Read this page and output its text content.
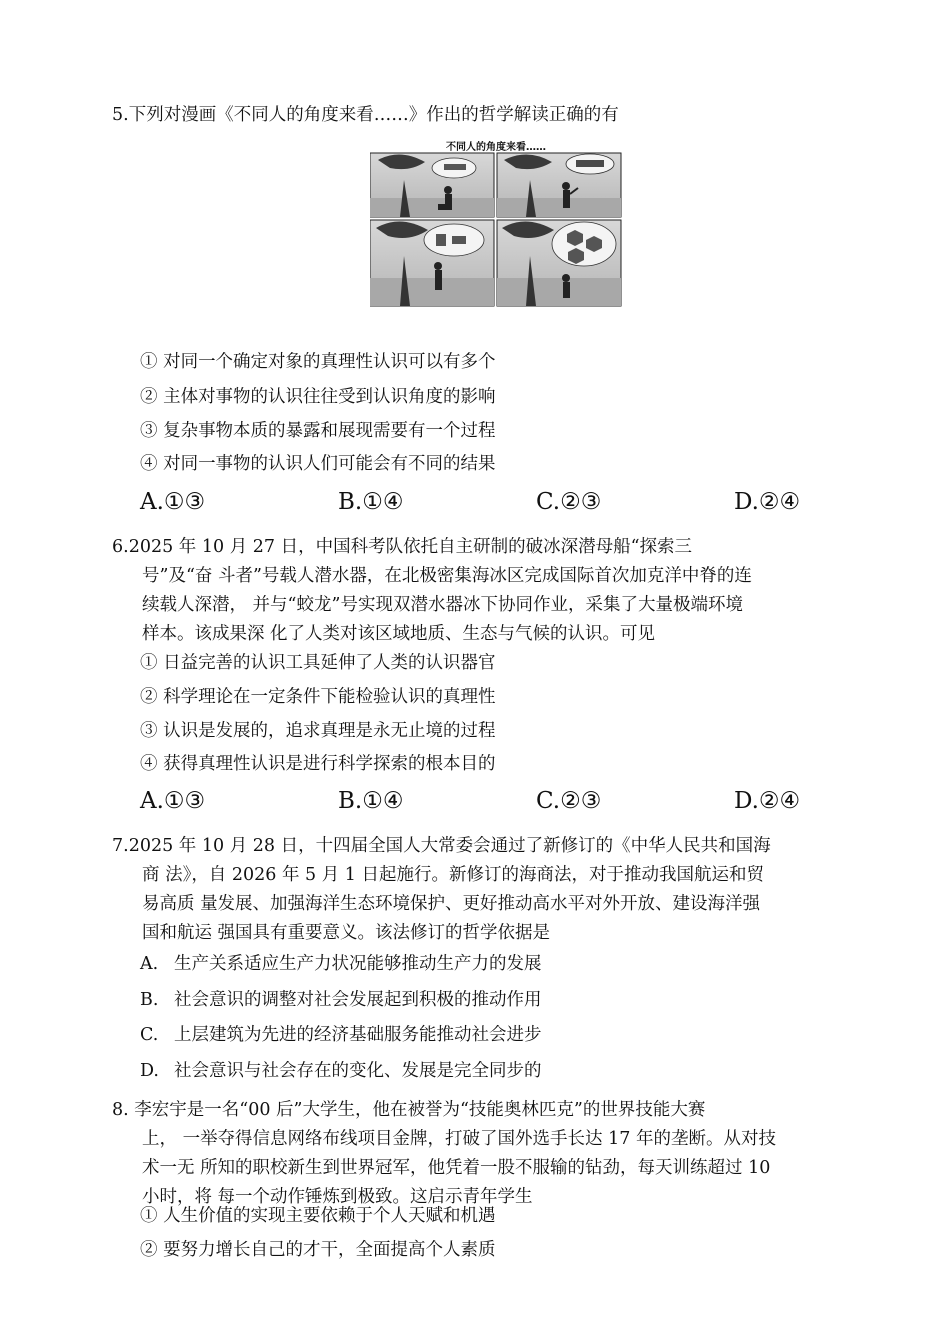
5.下列对漫画《不同人的角度来看……》作出的哲学解读正确的有
不同人的角度来看……
① 对同一个确定对象的真理性认识可以有多个
② 主体对事物的认识往往受到认识角度的影响
③ 复杂事物本质的暴露和展现需要有一个过程
④ 对同一事物的认识人们可能会有不同的结果
A.①③	B.①④	C.②③	D.②④
6.2025 年 10 月 27 日，中国科考队依托自主研制的破冰深潜母船“探索三
号”及“奋 斗者”号载人潜水器，在北极密集海冰区完成国际首次加克洋中脊的连
续载人深潜， 并与“蛟龙”号实现双潜水器冰下协同作业，采集了大量极端环境
样本。该成果深 化了人类对该区域地质、生态与气候的认识。可见
① 日益完善的认识工具延伸了人类的认识器官
② 科学理论在一定条件下能检验认识的真理性
③ 认识是发展的，追求真理是永无止境的过程
④ 获得真理性认识是进行科学探索的根本目的
A.①③	B.①④	C.②③	D.②④
7.2025 年 10 月 28 日，十四届全国人大常委会通过了新修订的《中华人民共和国海
商 法》，自 2026 年 5 月 1 日起施行。新修订的海商法，对于推动我国航运和贸
易高质 量发展、加强海洋生态环境保护、更好推动高水平对外开放、建设海洋强
国和航运 强国具有重要意义。该法修订的哲学依据是
A. 生产关系适应生产力状况能够推动生产力的发展
B. 社会意识的调整对社会发展起到积极的推动作用
C. 上层建筑为先进的经济基础服务能推动社会进步
D. 社会意识与社会存在的变化、发展是完全同步的
8. 李宏宇是一名“00 后”大学生，他在被誉为“技能奥林匹克”的世界技能大赛
上， 一举夺得信息网络布线项目金牌，打破了国外选手长达 17 年的垄断。从对技
术一无 所知的职校新生到世界冠军，他凭着一股不服输的钻劲，每天训练超过 10
小时，将 每一个动作锤炼到极致。这启示青年学生
① 人生价值的实现主要依赖于个人天赋和机遇
② 要努力增长自己的才干，全面提高个人素质
